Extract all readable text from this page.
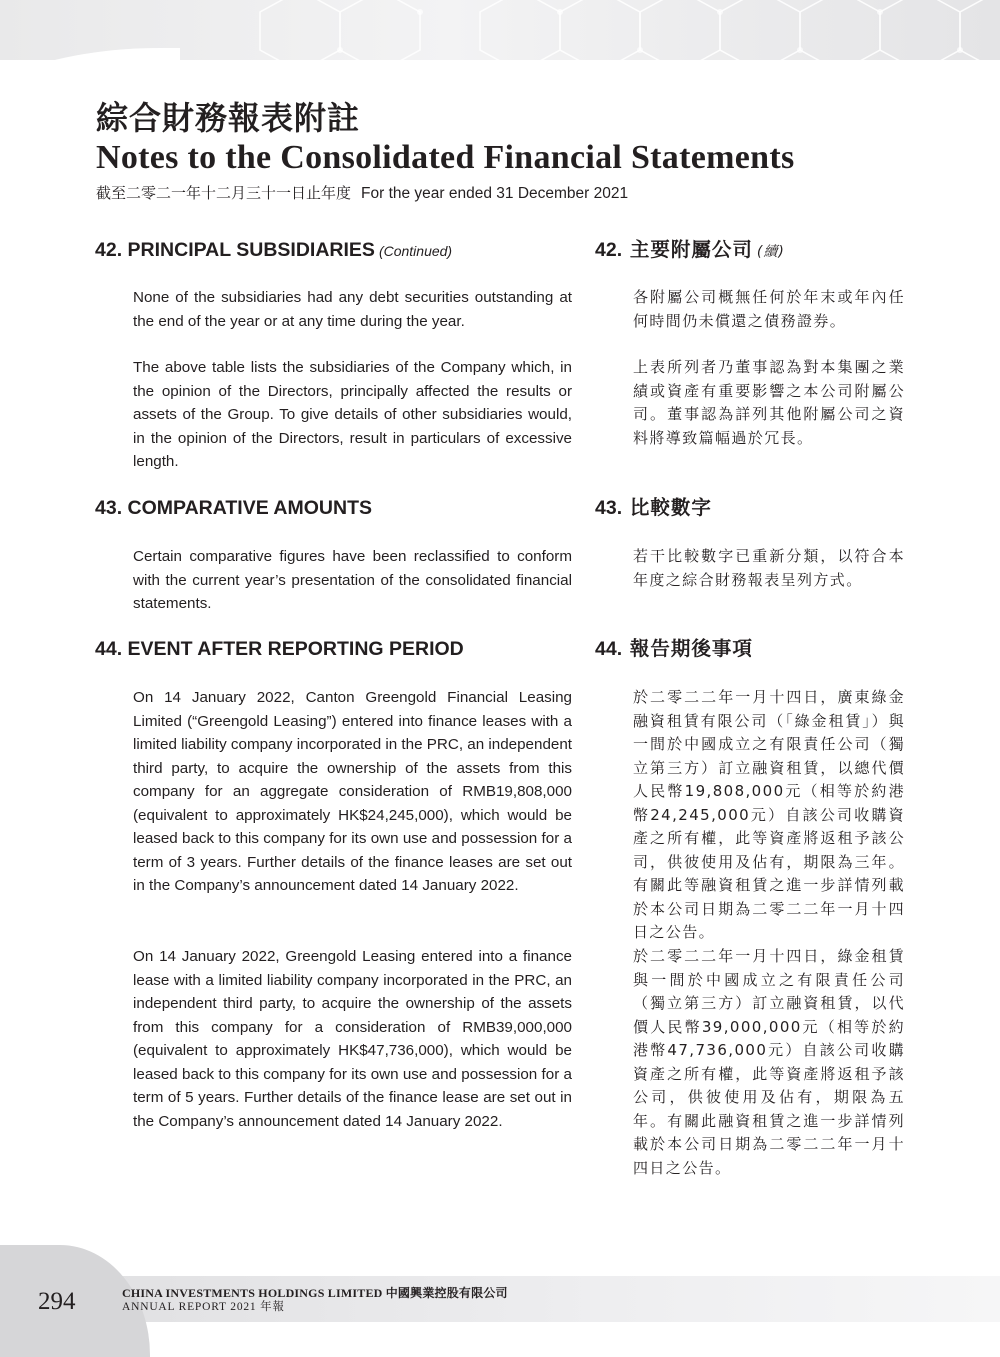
綜合財務報表附註
Notes to the Consolidated Financial Statements
截至二零二一年十二月三十一日止年度 For the year ended 31 December 2021
42. PRINCIPAL SUBSIDIARIES (Continued)	42. 主要附屬公司 (續)
None of the subsidiaries had any debt securities outstanding at the end of the year or at any time during the year.
各附屬公司概無任何於年末或年內任何時間仍未償還之債務證券。
The above table lists the subsidiaries of the Company which, in the opinion of the Directors, principally affected the results or assets of the Group. To give details of other subsidiaries would, in the opinion of the Directors, result in particulars of excessive length.
上表所列者乃董事認為對本集團之業績或資產有重要影響之本公司附屬公司。董事認為詳列其他附屬公司之資料將導致篇幅過於冗長。
43. COMPARATIVE AMOUNTS	43. 比較數字
Certain comparative figures have been reclassified to conform with the current year’s presentation of the consolidated financial statements.
若干比較數字已重新分類，以符合本年度之綜合財務報表呈列方式。
44. EVENT AFTER REPORTING PERIOD	44. 報告期後事項
On 14 January 2022, Canton Greengold Financial Leasing Limited (“Greengold Leasing”) entered into finance leases with a limited liability company incorporated in the PRC, an independent third party, to acquire the ownership of the assets from this company for an aggregate consideration of RMB19,808,000 (equivalent to approximately HK$24,245,000), which would be leased back to this company for its own use and possession for a term of 3 years. Further details of the finance leases are set out in the Company’s announcement dated 14 January 2022.
於二零二二年一月十四日，廣東綠金融資租賃有限公司（「綠金租賃」）與一間於中國成立之有限責任公司（獨立第三方）訂立融資租賃，以總代價人民幣19,808,000元（相等於約港幣24,245,000元）自該公司收購資產之所有權，此等資產將返租予該公司，供彼使用及佔有，期限為三年。有關此等融資租賃之進一步詳情列載於本公司日期為二零二二年一月十四日之公告。
On 14 January 2022, Greengold Leasing entered into a finance lease with a limited liability company incorporated in the PRC, an independent third party, to acquire the ownership of the assets from this company for a consideration of RMB39,000,000 (equivalent to approximately HK$47,736,000), which would be leased back to this company for its own use and possession for a term of 5 years. Further details of the finance lease are set out in the Company’s announcement dated 14 January 2022.
於二零二二年一月十四日，綠金租賃與一間於中國成立之有限責任公司（獨立第三方）訂立融資租賃，以代價人民幣39,000,000元（相等於約港幣47,736,000元）自該公司收購資產之所有權，此等資產將返租予該公司，供彼使用及佔有，期限為五年。有關此融資租賃之進一步詳情列載於本公司日期為二零二二年一月十四日之公告。
294	CHINA INVESTMENTS HOLDINGS LIMITED 中國興業控股有限公司
ANNUAL REPORT 2021 年報
